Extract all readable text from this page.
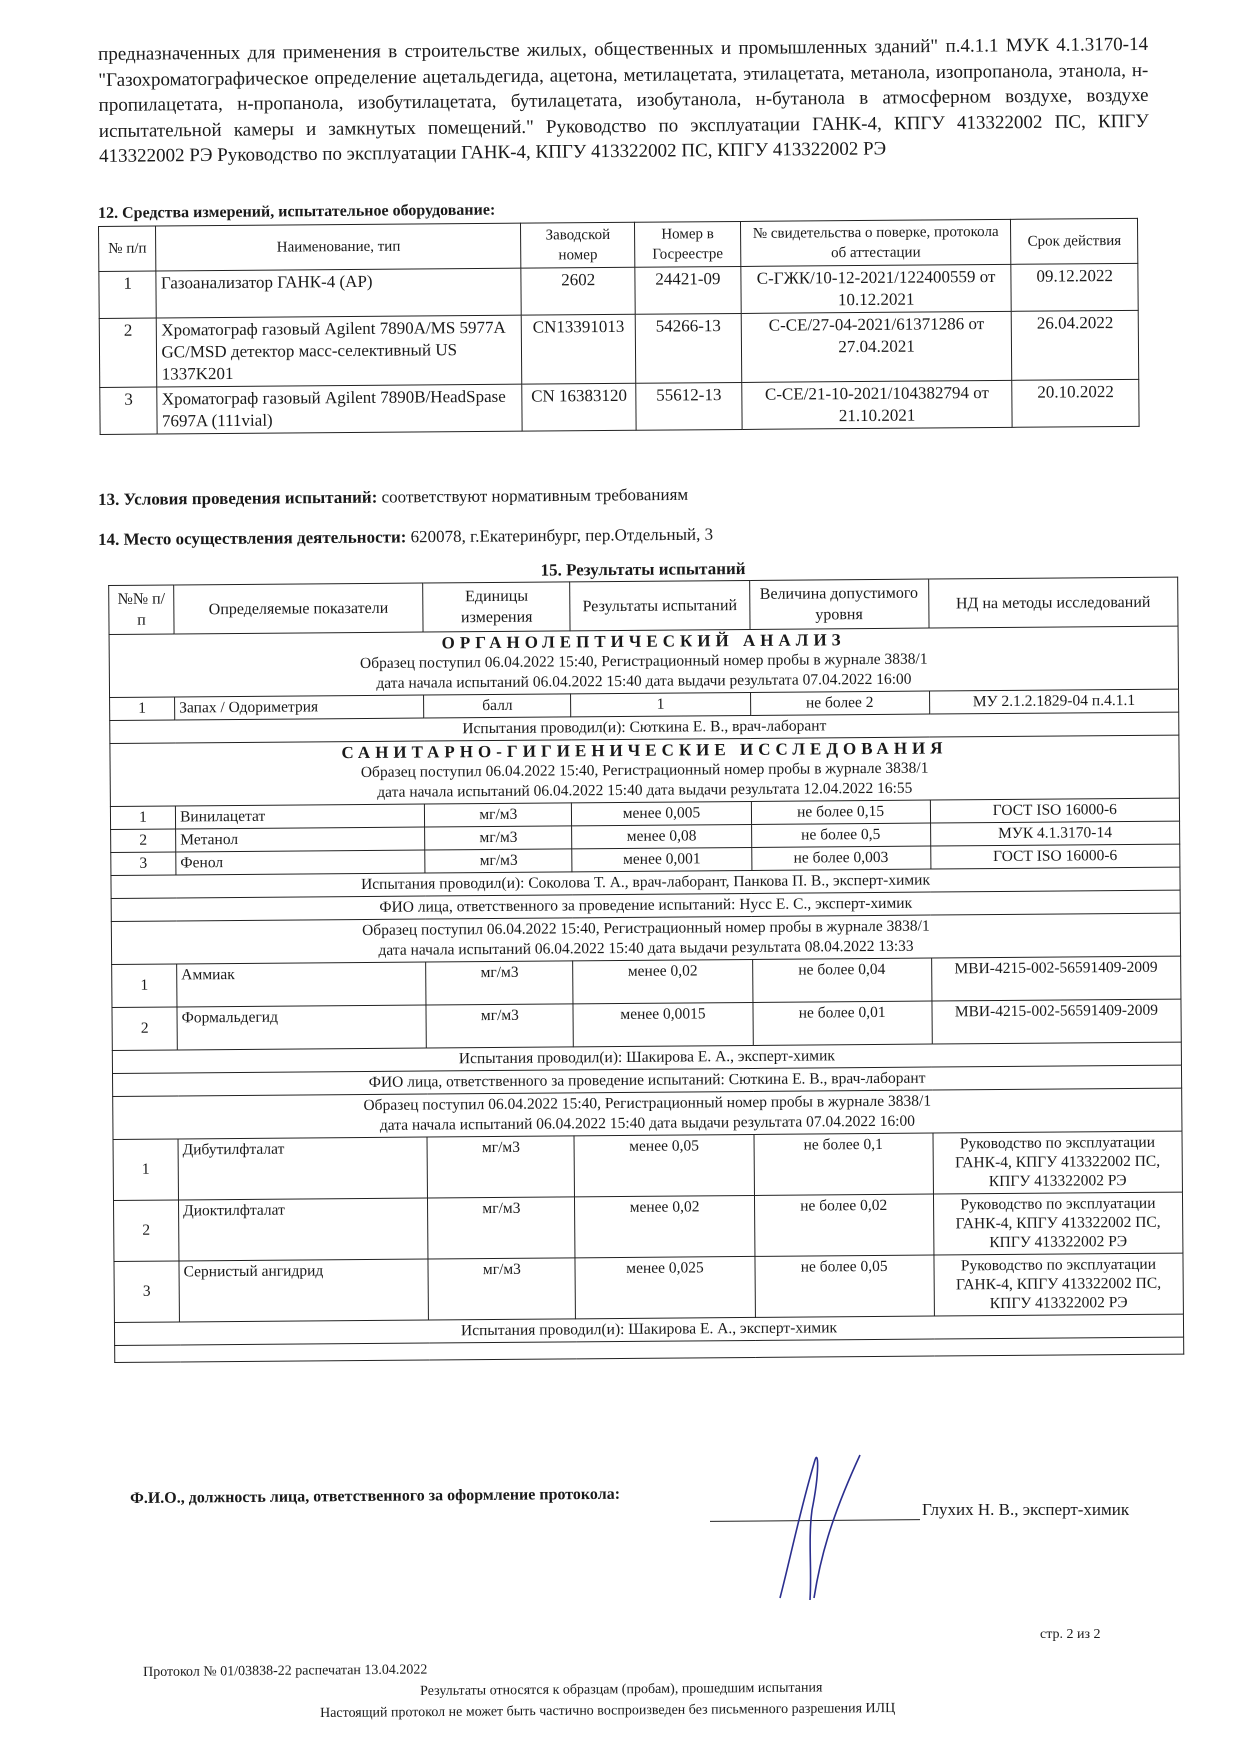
предназначенных для применения в строительстве жилых, общественных и промышленных зданий" п.4.1.1 МУК 4.1.3170-14 "Газохроматографическое определение ацетальдегида, ацетона, метилацетата, этилацетата, метанола, изопропанола, этанола, н-пропилацетата, н-пропанола, изобутилацетата, бутилацетата, изобутанола, н-бутанола в атмосферном воздухе, воздухе испытательной камеры и замкнутых помещений." Руководство по эксплуатации ГАНК-4, КПГУ 413322002 ПС, КПГУ 413322002 РЭ Руководство по эксплуатации ГАНК-4, КПГУ 413322002 ПС, КПГУ 413322002 РЭ
12. Средства измерений, испытательное оборудование:
№ п/п	Наименование, тип	Заводской номер	Номер в Госреестре	№ свидетельства о поверке, протокола об аттестации	Срок действия
1	Газоанализатор ГАНК-4 (АР)	2602	24421-09	С-ГЖК/10-12-2021/122400559 от 10.12.2021	09.12.2022
2	Хроматограф газовый Agilent 7890A/MS 5977A GC/MSD детектор масс-селективный US 1337K201	CN13391013	54266-13	С-СЕ/27-04-2021/61371286 от 27.04.2021	26.04.2022
3	Хроматограф газовый Agilent 7890B/HeadSpase 7697A (111vial)	CN 16383120	55612-13	С-СЕ/21-10-2021/104382794 от 21.10.2021	20.10.2022
13. Условия проведения испытаний: соответствуют нормативным требованиям
14. Место осуществления деятельности: 620078, г.Екатеринбург, пер.Отдельный, 3
15. Результаты испытаний
№№ п/п	Определяемые показатели	Единицы измерения	Результаты испытаний	Величина допустимого уровня	НД на методы исследований

ОРГАНОЛЕПТИЧЕСКИЙ АНАЛИЗ
Образец поступил 06.04.2022 15:40, Регистрационный номер пробы в журнале 3838/1
дата начала испытаний 06.04.2022 15:40 дата выдачи результата 07.04.2022 16:00					

1	Запах / Одориметрия	балл	1	не более 2	МУ 2.1.2.1829-04 п.4.1.1
Испытания проводил(и): Сюткина Е. В., врач-лаборант					

САНИТАРНО-ГИГИЕНИЧЕСКИЕ ИССЛЕДОВАНИЯ
Образец поступил 06.04.2022 15:40, Регистрационный номер пробы в журнале 3838/1
дата начала испытаний 06.04.2022 15:40 дата выдачи результата 12.04.2022 16:55					

1	Винилацетат	мг/м3	менее 0,005	не более 0,15	ГОСТ ISO 16000-6
2	Метанол	мг/м3	менее 0,08	не более 0,5	МУК 4.1.3170-14
3	Фенол	мг/м3	менее 0,001	не более 0,003	ГОСТ ISO 16000-6
Испытания проводил(и): Соколова Т. А., врач-лаборант, Панкова П. В., эксперт-химик					
ФИО лица, ответственного за проведение испытаний: Нусс Е. С., эксперт-химик					

Образец поступил 06.04.2022 15:40, Регистрационный номер пробы в журнале 3838/1
дата начала испытаний 06.04.2022 15:40 дата выдачи результата 08.04.2022 13:33					

1	Аммиак	мг/м3	менее 0,02	не более 0,04	МВИ-4215-002-56591409-2009
2	Формальдегид	мг/м3	менее 0,0015	не более 0,01	МВИ-4215-002-56591409-2009
Испытания проводил(и): Шакирова Е. А., эксперт-химик					
ФИО лица, ответственного за проведение испытаний: Сюткина Е. В., врач-лаборант					

Образец поступил 06.04.2022 15:40, Регистрационный номер пробы в журнале 3838/1
дата начала испытаний 06.04.2022 15:40 дата выдачи результата 07.04.2022 16:00					

1	Дибутилфталат	мг/м3	менее 0,05	не более 0,1	Руководство по эксплуатации ГАНК-4, КПГУ 413322002 ПС, КПГУ 413322002 РЭ
2	Диоктилфталат	мг/м3	менее 0,02	не более 0,02	Руководство по эксплуатации ГАНК-4, КПГУ 413322002 ПС, КПГУ 413322002 РЭ
3	Сернистый ангидрид	мг/м3	менее 0,025	не более 0,05	Руководство по эксплуатации ГАНК-4, КПГУ 413322002 ПС, КПГУ 413322002 РЭ
Испытания проводил(и): Шакирова Е. А., эксперт-химик					

Ф.И.О., должность лица, ответственного за оформление протокола:
Глухих Н. В., эксперт-химик
стр. 2 из 2
Протокол № 01/03838-22 распечатан 13.04.2022
Результаты относятся к образцам (пробам), прошедшим испытания
Настоящий протокол не может быть частично воспроизведен без письменного разрешения ИЛЦ
